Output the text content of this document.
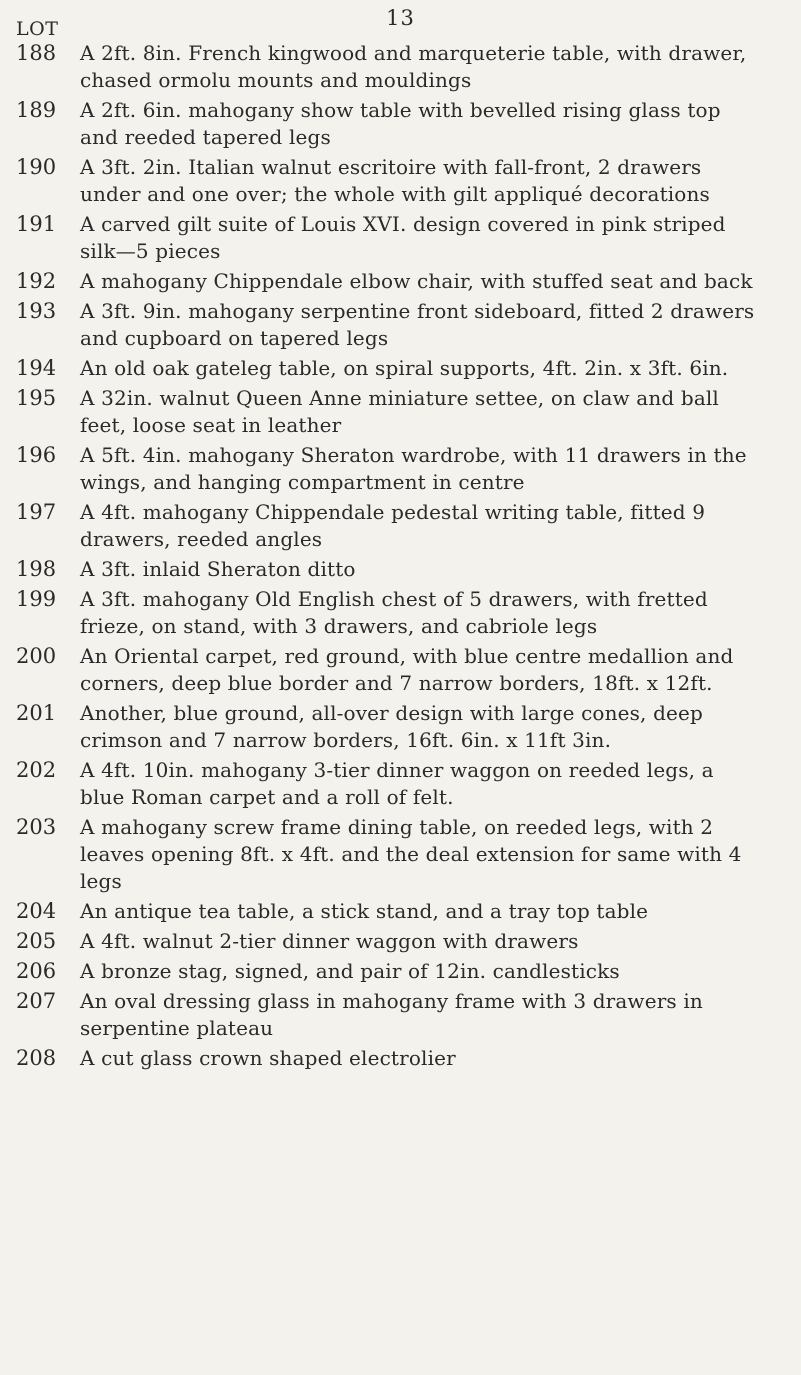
13
LOT
188	A 2ft. 8in. French kingwood and marqueterie table, with drawer, chased ormolu mounts and mouldings
189	A 2ft. 6in. mahogany show table with bevelled rising glass top and reeded tapered legs
190	A 3ft. 2in. Italian walnut escritoire with fall-front, 2 drawers under and one over; the whole with gilt appliqué decorations
191	A carved gilt suite of Louis XVI. design covered in pink striped silk—5 pieces
192	A mahogany Chippendale elbow chair, with stuffed seat and back
193	A 3ft. 9in. mahogany serpentine front sideboard, fitted 2 drawers and cupboard on tapered legs
194	An old oak gateleg table, on spiral supports, 4ft. 2in. x 3ft. 6in.
195	A 32in. walnut Queen Anne miniature settee, on claw and ball feet, loose seat in leather
196	A 5ft. 4in. mahogany Sheraton wardrobe, with 11 drawers in the wings, and hanging compartment in centre
197	A 4ft. mahogany Chippendale pedestal writing table, fitted 9 drawers, reeded angles
198	A 3ft. inlaid Sheraton ditto
199	A 3ft. mahogany Old English chest of 5 drawers, with fretted frieze, on stand, with 3 drawers, and cabriole legs
200	An Oriental carpet, red ground, with blue centre medallion and corners, deep blue border and 7 narrow borders, 18ft. x 12ft.
201	Another, blue ground, all-over design with large cones, deep crimson and 7 narrow borders, 16ft. 6in. x 11ft 3in.
202	A 4ft. 10in. mahogany 3-tier dinner waggon on reeded legs, a blue Roman carpet and a roll of felt.
203	A mahogany screw frame dining table, on reeded legs, with 2 leaves opening 8ft. x 4ft. and the deal extension for same with 4 legs
204	An antique tea table, a stick stand, and a tray top table
205	A 4ft. walnut 2-tier dinner waggon with drawers
206	A bronze stag, signed, and pair of 12in. candlesticks
207	An oval dressing glass in mahogany frame with 3 drawers in serpentine plateau
208	A cut glass crown shaped electrolier
